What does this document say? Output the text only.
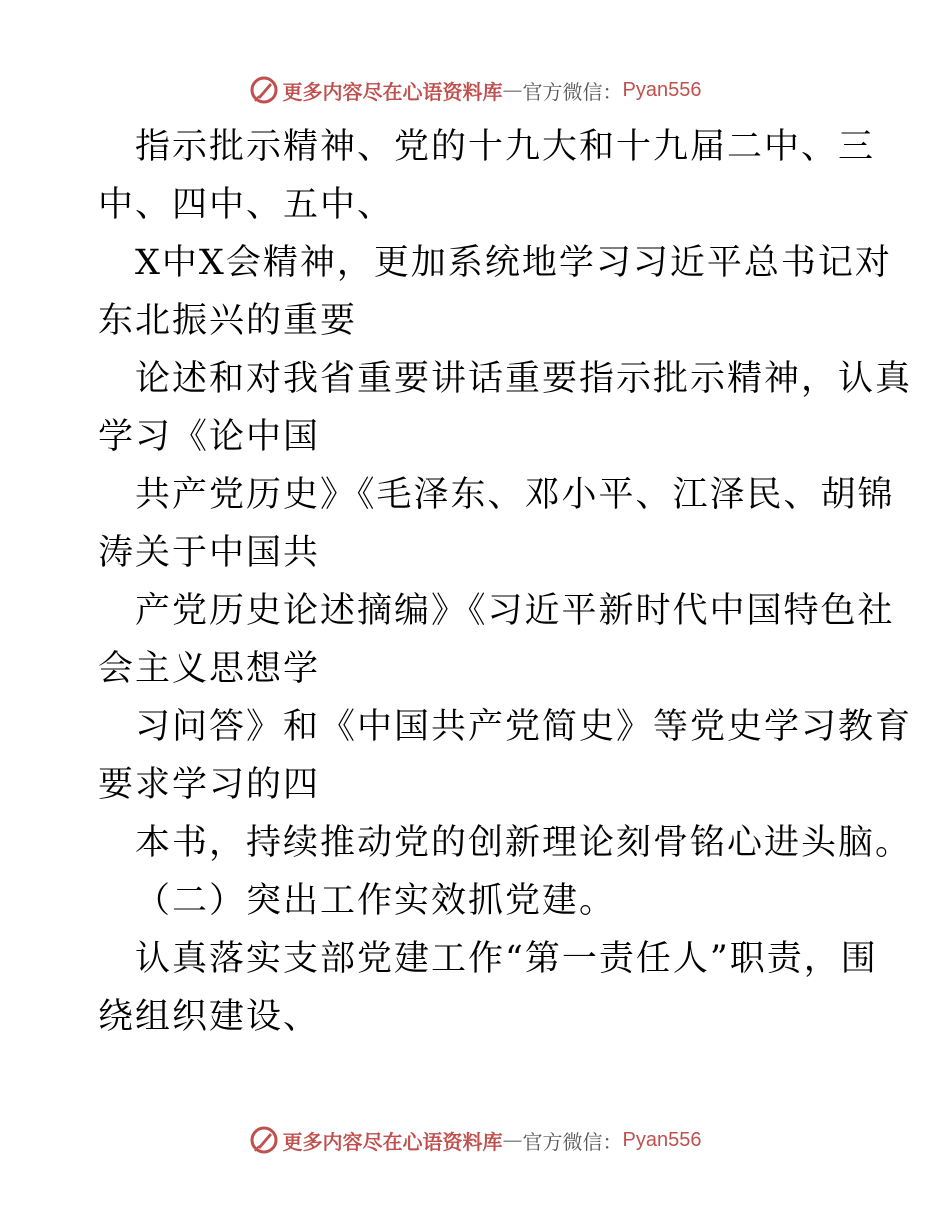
更多内容尽在心语资料库 — 官方微信： Pyan556
指示批示精神、党的十九大和十九届二中、三
中、四中、五中、
X中X会精神，更加系统地学习习近平总书记对
东北振兴的重要
论述和对我省重要讲话重要指示批示精神，认真
学习《论中国
共产党历史》《毛泽东、邓小平、江泽民、胡锦
涛关于中国共
产党历史论述摘编》《习近平新时代中国特色社
会主义思想学
习问答》和《中国共产党简史》等党史学习教育
要求学习的四
本书，持续推动党的创新理论刻骨铭心进头脑。
（二）突出工作实效抓党建。
认真落实支部党建工作“第一责任人”职责，围
绕组织建设、
更多内容尽在心语资料库 — 官方微信： Pyan556
